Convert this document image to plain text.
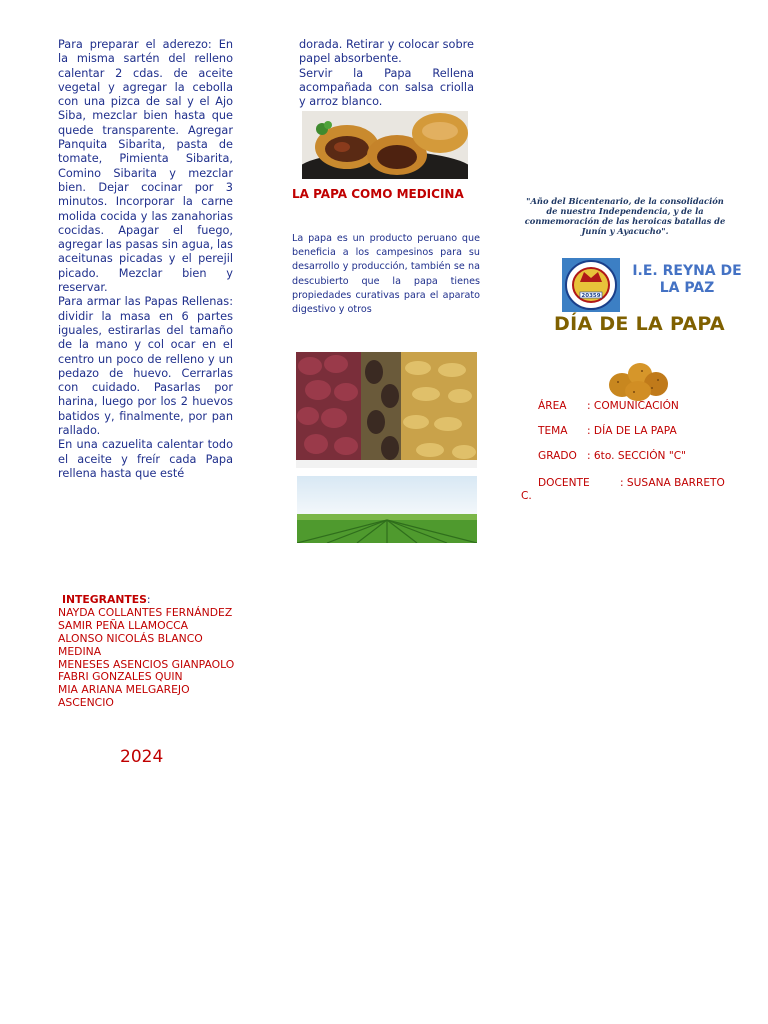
Para preparar el aderezo: En la misma sartén del relleno calentar 2 cdas. de aceite vegetal y agregar la cebolla con una pizca de sal y el Ajo Siba, mezclar bien hasta que quede transparente. Agregar Panquita Sibarita, pasta de tomate, Pimienta Sibarita, Comino Sibarita y mezclar bien. Dejar cocinar por 3 minutos. Incorporar la carne molida cocida y las zanahorias cocidas. Apagar el fuego, agregar las pasas sin agua, las aceitunas picadas y el perejil picado. Mezclar bien y reservar.

Para armar las Papas Rellenas: dividir la masa en 6 partes iguales, estirarlas del tamaño de la mano y col ocar en el centro un poco de relleno y un pedazo de huevo. Cerrarlas con cuidado. Pasarlas por harina, luego por los 2 huevos batidos y, finalmente, por pan rallado.

En una cazuelita calentar todo el aceite y freír cada Papa rellena hasta que esté

dorada. Retirar y colocar sobre papel absorbente.

Servir la Papa Rellena acompañada con salsa criolla y arroz blanco.

LA PAPA COMO MEDICINA
La papa es un producto peruano que beneficia a los campesinos para su desarrollo y producción, también se na descubierto que la papa tienes propiedades curativas para el aparato digestivo y otros
"Año del Bicentenario, de la consolidación de nuestra Independencia, y de la conmemoración de las heroicas batallas de Junín y Ayacucho".
20359
I.E. REYNA DE LA PAZ
DÍA DE LA PAPA
ÁREA : COMUNICACIÓN
TEMA : DÍA DE LA PAPA
GRADO : 6to. SECCIÓN "C"
DOCENTE	: SUSANA BARRETO C.
INTEGRANTES:
NAYDA COLLANTES FERNÁNDEZ
SAMIR PEÑA LLAMOCCA
ALONSO NICOLÁS BLANCO MEDINA
MENESES ASENCIOS GIANPAOLO
FABRI GONZALES QUIN
MIA ARIANA MELGAREJO ASCENCIO
2024
